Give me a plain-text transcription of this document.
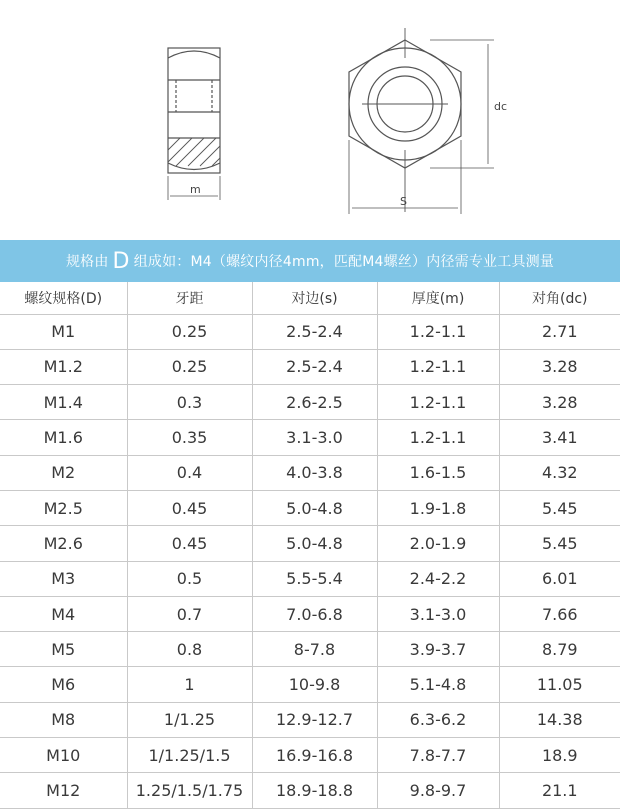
m
S
dc
规格由 D 组成如：M4（螺纹内径4mm，匹配M4螺丝）内径需专业工具测量
螺纹规格(D)	牙距	对边(s)	厚度(m)	对角(dc)
M1	0.25	2.5-2.4	1.2-1.1	2.71
M1.2	0.25	2.5-2.4	1.2-1.1	3.28
M1.4	0.3	2.6-2.5	1.2-1.1	3.28
M1.6	0.35	3.1-3.0	1.2-1.1	3.41
M2	0.4	4.0-3.8	1.6-1.5	4.32
M2.5	0.45	5.0-4.8	1.9-1.8	5.45
M2.6	0.45	5.0-4.8	2.0-1.9	5.45
M3	0.5	5.5-5.4	2.4-2.2	6.01
M4	0.7	7.0-6.8	3.1-3.0	7.66
M5	0.8	8-7.8	3.9-3.7	8.79
M6	1	10-9.8	5.1-4.8	11.05
M8	1/1.25	12.9-12.7	6.3-6.2	14.38
M10	1/1.25/1.5	16.9-16.8	7.8-7.7	18.9
M12	1.25/1.5/1.75	18.9-18.8	9.8-9.7	21.1
